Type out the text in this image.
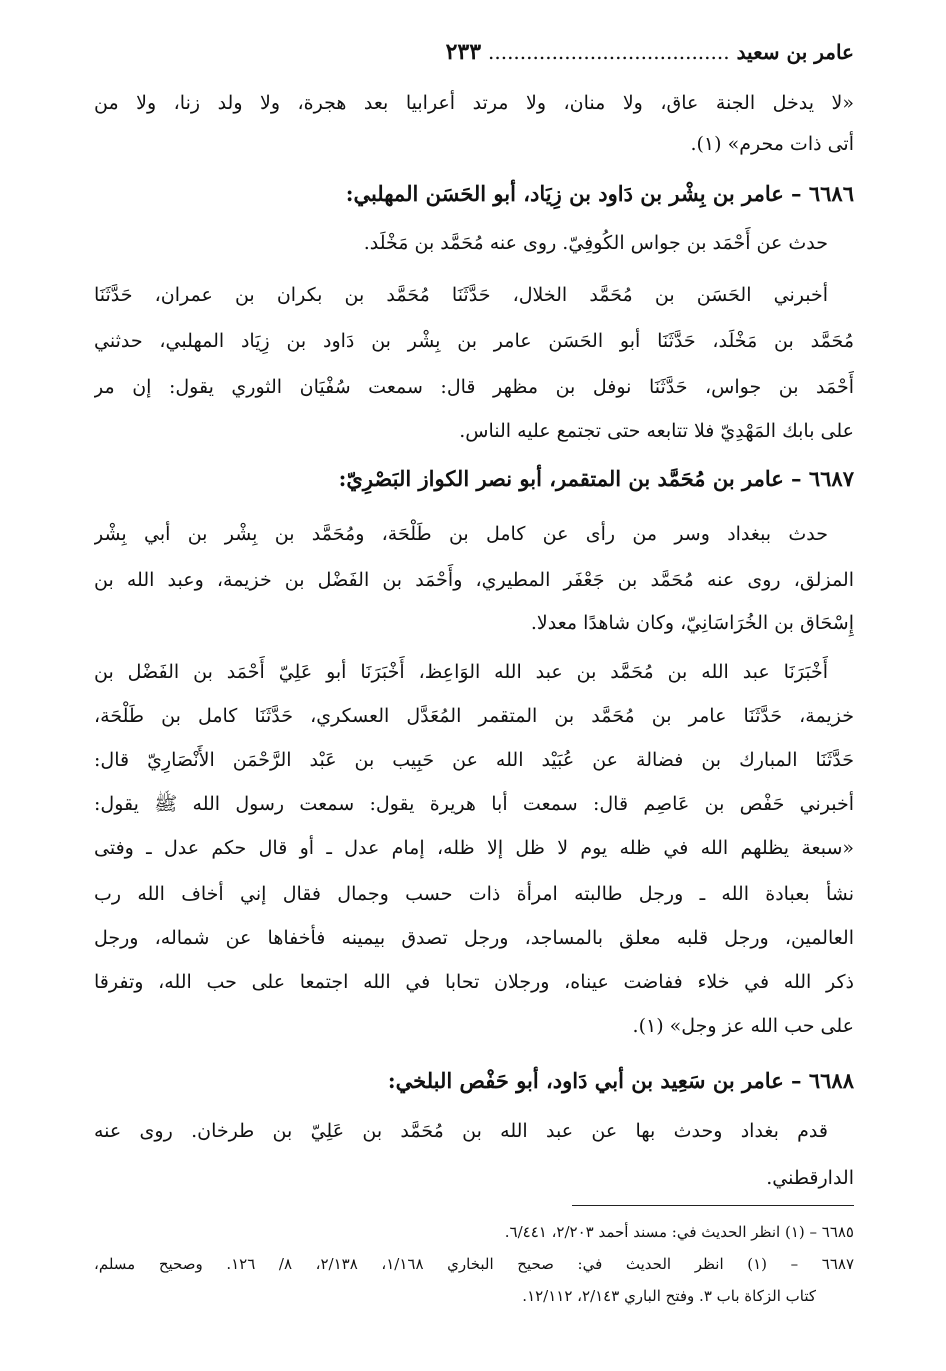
عامر بن سعيد ...................................... ٢٣٣
«لا يدخل الجنة عاق، ولا منان، ولا مرتد أعرابيا بعد هجرة، ولا ولد زنا، ولا من
أتى ذات محرم» (١).
٦٦٨٦ – عامر بن بِشْر بن دَاود بن زِيَاد، أبو الحَسَن المهلبي:
حدث عن أَحْمَد بن جواس الكُوفِيّ. روى عنه مُحَمَّد بن مَخْلَد.
أخبرني الحَسَن بن مُحَمَّد الخلال، حَدَّثَنَا مُحَمَّد بن بكران بن عمران، حَدَّثَنَا
مُحَمَّد بن مَخْلَد، حَدَّثَنَا أبو الحَسَن عامر بن بِشْر بن دَاود بن زِيَاد المهلبي، حدثني
أَحْمَد بن جواس، حَدَّثَنَا نوفل بن مظهر قال: سمعت سُفْيَان الثوري يقول: إن مر
على بابك المَهْدِيّ فلا تتابعه حتى تجتمع عليه الناس.
٦٦٨٧ – عامر بن مُحَمَّد بن المتقمر، أبو نصر الكواز البَصْرِيّ:
حدث ببغداد وسر من رأى عن كامل بن طَلْحَة، ومُحَمَّد بن بِشْر بن أبي بِشْر
المزلق، روى عنه مُحَمَّد بن جَعْفَر المطيري، وأَحْمَد بن الفَضْل بن خزيمة، وعبد الله بن
إِسْحَاق بن الخُرَاسَانِيّ، وكان شاهدًا معدلا.
أَخْبَرَنَا عبد الله بن مُحَمَّد بن عبد الله الوَاعِظ، أَخْبَرَنَا أبو عَلِيّ أَحْمَد بن الفَضْل بن
خزيمة، حَدَّثَنَا عامر بن مُحَمَّد بن المتقمر المُعَدَّل العسكري، حَدَّثَنَا كامل بن طَلْحَة،
حَدَّثَنَا المبارك بن فضالة عن عُبَيْد الله عن حَبِيب بن عَبْد الرَّحْمَن الأَنْصَارِيّ قال:
أخبرني حَفْص بن عَاصِم قال: سمعت أبا هريرة يقول: سمعت رسول الله ﷺ يقول:
«سبعة يظلهم الله في ظله يوم لا ظل إلا ظله، إمام عدل ـ أو قال حكم عدل ـ وفتى
نشأ بعبادة الله ـ ورجل طالبته امرأة ذات حسب وجمال فقال إني أخاف الله رب
العالمين، ورجل قلبه معلق بالمساجد، ورجل تصدق بيمينه فأخفاها عن شماله، ورجل
ذكر الله في خلاء ففاضت عيناه، ورجلان تحابا في الله اجتمعا على حب الله، وتفرقا
على حب الله عز وجل» (١).
٦٦٨٨ – عامر بن سَعِيد بن أبي دَاود، أبو حَفْص البلخي:
قدم بغداد وحدث بها عن عبد الله بن مُحَمَّد بن عَلِيّ بن طرخان. روى عنه
الدارقطني.
٦٦٨٥ – (١) انظر الحديث في: مسند أحمد ٢/٢٠٣، ٦/٤٤١.
٦٦٨٧ – (١) انظر الحديث في: صحيح البخاري ١/١٦٨، ٢/١٣٨، ٨/ ١٢٦. وصحيح مسلم،
كتاب الزكاة باب ٣. وفتح الباري ٢/١٤٣، ١٢/١١٢.
